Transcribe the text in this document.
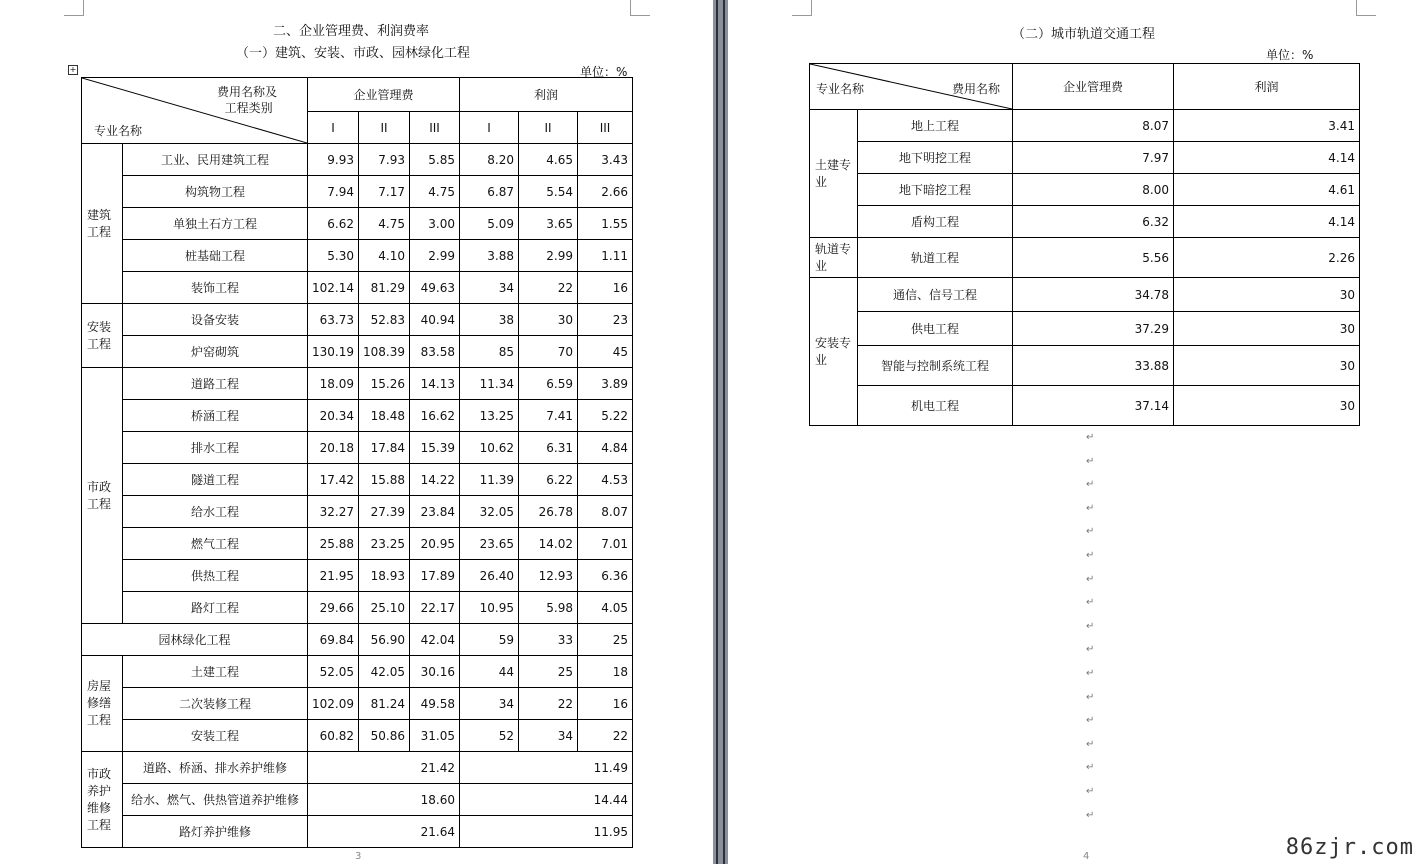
二、企业管理费、利润费率
（一）建筑、安装、市政、园林绿化工程
单位：%
+
费用名称及
工程类别
专业名称		企业管理费			利润		
		I	II	III	I	II	III
建筑工程	工业、民用建筑工程	9.93	7.93	5.85	8.20	4.65	3.43
	构筑物工程	7.94	7.17	4.75	6.87	5.54	2.66
	单独土石方工程	6.62	4.75	3.00	5.09	3.65	1.55
	桩基础工程	5.30	4.10	2.99	3.88	2.99	1.11
	装饰工程	102.14	81.29	49.63	34	22	16
安装工程	设备安装	63.73	52.83	40.94	38	30	23
	炉窑砌筑	130.19	108.39	83.58	85	70	45
市政工程	道路工程	18.09	15.26	14.13	11.34	6.59	3.89
	桥涵工程	20.34	18.48	16.62	13.25	7.41	5.22
	排水工程	20.18	17.84	15.39	10.62	6.31	4.84
	隧道工程	17.42	15.88	14.22	11.39	6.22	4.53
	给水工程	32.27	27.39	23.84	32.05	26.78	8.07
	燃气工程	25.88	23.25	20.95	23.65	14.02	7.01
	供热工程	21.95	18.93	17.89	26.40	12.93	6.36
	路灯工程	29.66	25.10	22.17	10.95	5.98	4.05
园林绿化工程		69.84	56.90	42.04	59	33	25
房屋修缮工程	土建工程	52.05	42.05	30.16	44	25	18
	二次装修工程	102.09	81.24	49.58	34	22	16
	安装工程	60.82	50.86	31.05	52	34	22
市政养护维修工程	道路、桥涵、排水养护维修	21.42			11.49		
	给水、燃气、供热管道养护维修	18.60			14.44		
	路灯养护维修	21.64			11.95		
3
（二）城市轨道交通工程
单位：%
专业名称 费用名称		企业管理费	利润
土建专业	地上工程	8.07	3.41
	地下明挖工程	7.97	4.14
	地下暗挖工程	8.00	4.61
	盾构工程	6.32	4.14
轨道专业	轨道工程	5.56	2.26
安装专业	通信、信号工程	34.78	30
	供电工程	37.29	30
	智能与控制系统工程	33.88	30
	机电工程	37.14	30
↵
↵
↵
↵
↵
↵
↵
↵
↵
↵
↵
↵
↵
↵
↵
↵
↵
4	86zjr.com
